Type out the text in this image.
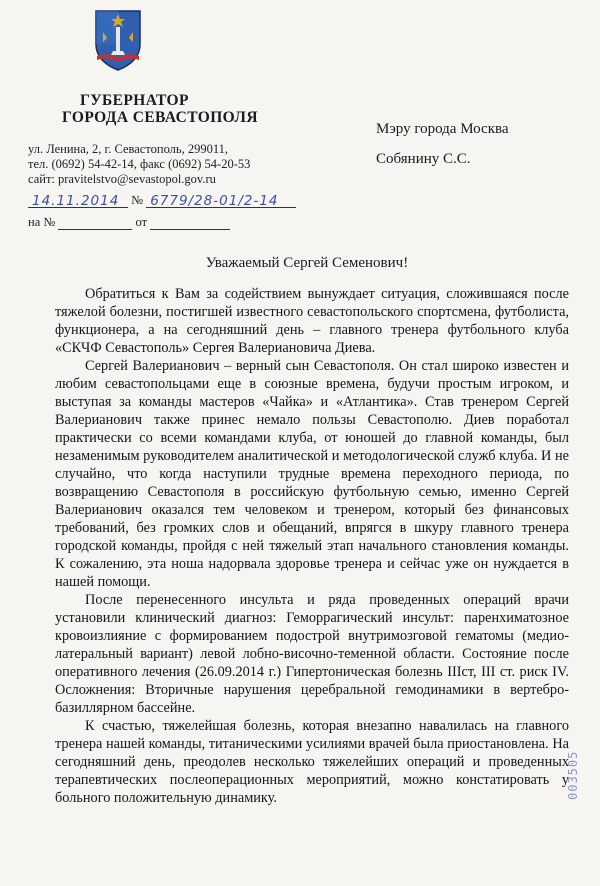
ГУБЕРНАТОР
ГОРОДА СЕВАСТОПОЛЯ
ул. Ленина, 2, г. Севастополь, 299011,
тел. (0692) 54-42-14, факс (0692) 54-20-53
сайт: pravitelstvo@sevastopol.gov.ru
14.11.2014 № 6779/28-01/2-14
на №	от
Мэру города Москва
Собянину С.С.
Уважаемый Сергей Семенович!

Обратиться к Вам за содействием вынуждает ситуация, сложившаяся после тяжелой болезни, постигшей известного севастопольского спортсмена, футболиста, функционера, а на сегодняшний день – главного тренера футбольного клуба «СКЧФ Севастополь» Сергея Валериановича Диева.

Сергей Валерианович – верный сын Севастополя. Он стал широко известен и любим севастопольцами еще в союзные времена, будучи простым игроком, и выступая за команды мастеров «Чайка» и «Атлантика». Став тренером Сергей Валерианович также принес немало пользы Севастополю. Диев поработал практически со всеми командами клуба, от юношей до главной команды, был незаменимым руководителем аналитической и методологической служб клуба. И не случайно, что когда наступили трудные времена переходного периода, по возвращению Севастополя в российскую футбольную семью, именно Сергей Валерианович оказался тем человеком и тренером, который без финансовых требований, без громких слов и обещаний, впрягся в шкуру главного тренера городской команды, пройдя с ней тяжелый этап начального становления команды. К сожалению, эта ноша надорвала здоровье тренера и сейчас уже он нуждается в нашей помощи.

После перенесенного инсульта и ряда проведенных операций врачи установили клинический диагноз: Геморрагический инсульт: паренхиматозное кровоизлияние с формированием подострой внутримозговой гематомы (медио-латеральный вариант) левой лобно-височно-теменной области. Состояние после оперативного лечения (26.09.2014 г.) Гипертоническая болезнь IIIст, III ст. риск IV. Осложнения: Вторичные нарушения церебральной гемодинамики в вертебро-базиллярном бассейне.

К счастью, тяжелейшая болезнь, которая внезапно навалилась на главного тренера нашей команды, титаническими усилиями врачей была приостановлена. На сегодняшний день, преодолев несколько тяжелейших операций и проведенных терапевтических послеоперационных мероприятий, можно констатировать у больного положительную динамику.	003505
